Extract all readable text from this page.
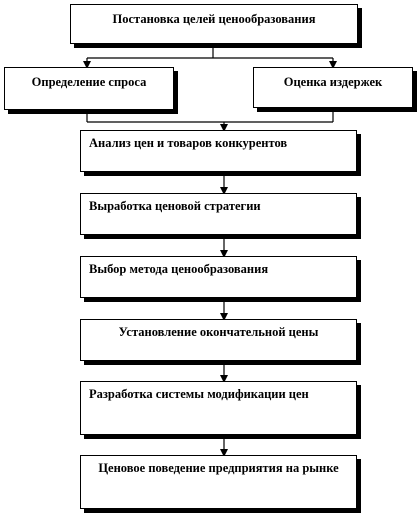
Постановка целей ценообразования
Определение спроса	Оценка издержек
Анализ цен и товаров конкурентов
Выработка ценовой стратегии
Выбор метода ценообразования
Установление окончательной цены
Разработка системы модификации цен
Ценовое поведение предприятия на рынке
